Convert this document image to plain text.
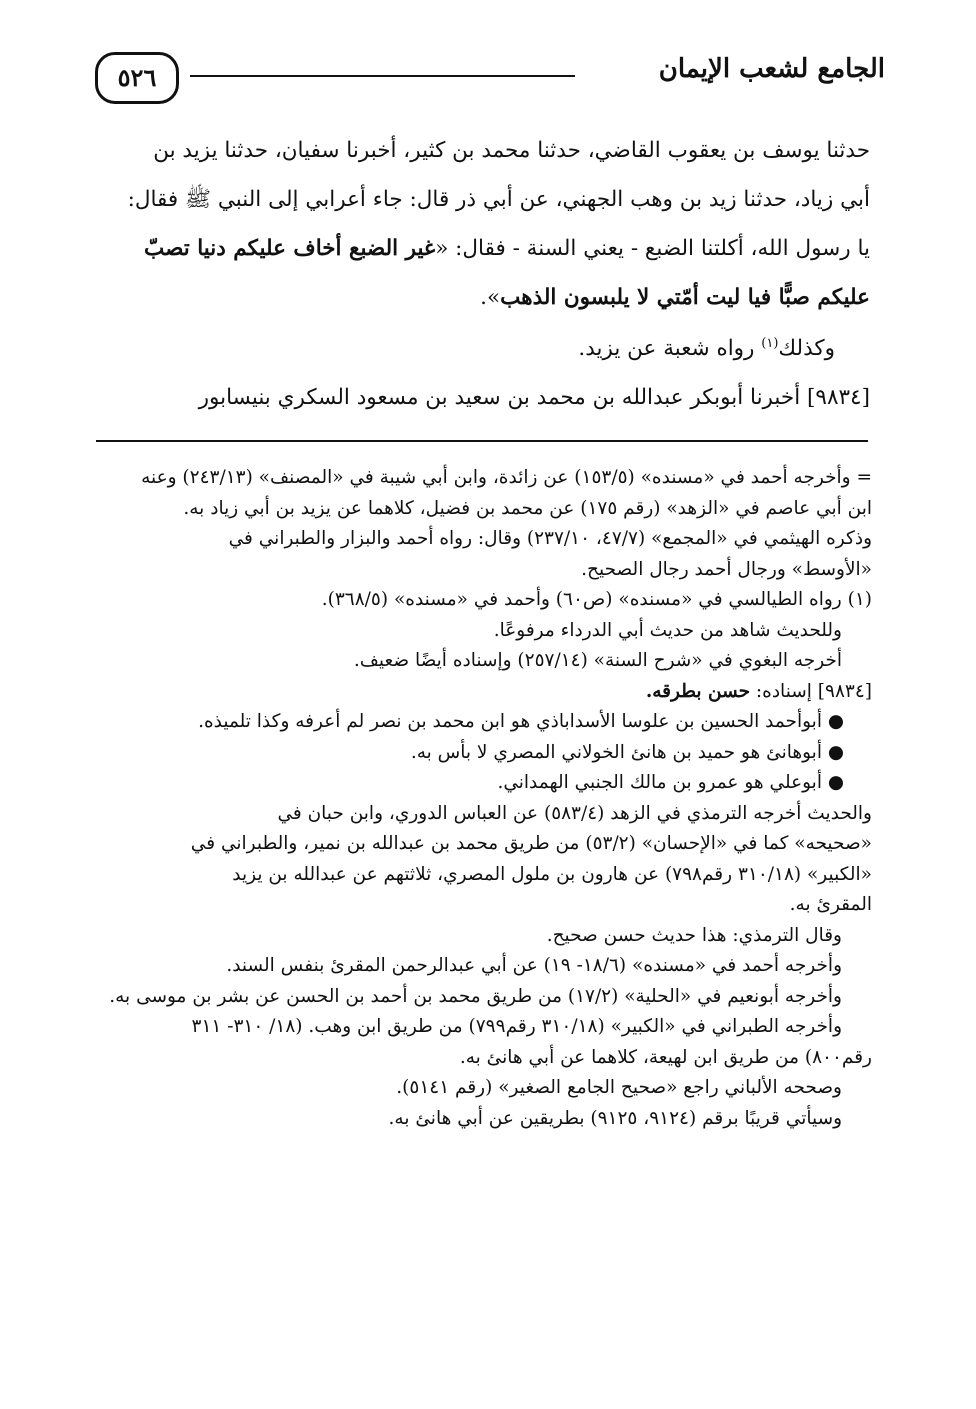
الجامع لشعب الإيمان
٥٢٦

حدثنا يوسف بن يعقوب القاضي، حدثنا محمد بن كثير، أخبرنا سفيان، حدثنا يزيد بن

أبي زياد، حدثنا زيد بن وهب الجهني، عن أبي ذر قال: جاء أعرابي إلى النبي ﷺ فقال:

يا رسول الله، أكلتنا الضبع - يعني السنة - فقال: «غير الضبع أخاف عليكم دنيا تصبّ

عليكم صبًّا فيا ليت أمّتي لا يلبسون الذهب».

وكذلك$^{(١)}$ رواه شعبة عن يزيد.

[٩٨٣٤] أخبرنا أبوبكر عبدالله بن محمد بن سعيد بن مسعود السكري بنيسابور

= وأخرجه أحمد في «مسنده» (١٥٣/٥) عن زائدة، وابن أبي شيبة في «المصنف» (٢٤٣/١٣) وعنه

ابن أبي عاصم في «الزهد» (رقم ١٧٥) عن محمد بن فضيل، كلاهما عن يزيد بن أبي زياد به.

وذكره الهيثمي في «المجمع» (٤٧/٧، ٢٣٧/١٠) وقال: رواه أحمد والبزار والطبراني في

«الأوسط» ورجال أحمد رجال الصحيح.

(١) رواه الطيالسي في «مسنده» (ص٦٠) وأحمد في «مسنده» (٣٦٨/٥).

وللحديث شاهد من حديث أبي الدرداء مرفوعًا.

أخرجه البغوي في «شرح السنة» (٢٥٧/١٤) وإسناده أيضًا ضعيف.

[٩٨٣٤] إسناده: حسن بطرقه.

● أبوأحمد الحسين بن علوسا الأسداباذي هو ابن محمد بن نصر لم أعرفه وكذا تلميذه.

● أبوهانئ هو حميد بن هانئ الخولاني المصري لا بأس به.

● أبوعلي هو عمرو بن مالك الجنبي الهمداني.

والحديث أخرجه الترمذي في الزهد (٥٨٣/٤) عن العباس الدوري، وابن حبان في

«صحيحه» كما في «الإحسان» (٥٣/٢) من طريق محمد بن عبدالله بن نمير، والطبراني في

«الكبير» (٣١٠/١٨ رقم٧٩٨) عن هارون بن ملول المصري، ثلاثتهم عن عبدالله بن يزيد

المقرئ به.

وقال الترمذي: هذا حديث حسن صحيح.

وأخرجه أحمد في «مسنده» (١٨/٦- ١٩) عن أبي عبدالرحمن المقرئ بنفس السند.

وأخرجه أبونعيم في «الحلية» (١٧/٢) من طريق محمد بن أحمد بن الحسن عن بشر بن موسى به.

وأخرجه الطبراني في «الكبير» (٣١٠/١٨ رقم٧٩٩) من طريق ابن وهب. (١٨/ ٣١٠- ٣١١

رقم٨٠٠) من طريق ابن لهيعة، كلاهما عن أبي هانئ به.

وصححه الألباني راجع «صحيح الجامع الصغير» (رقم ٥١٤١).

وسيأتي قريبًا برقم (٩١٢٤، ٩١٢٥) بطريقين عن أبي هانئ به.
